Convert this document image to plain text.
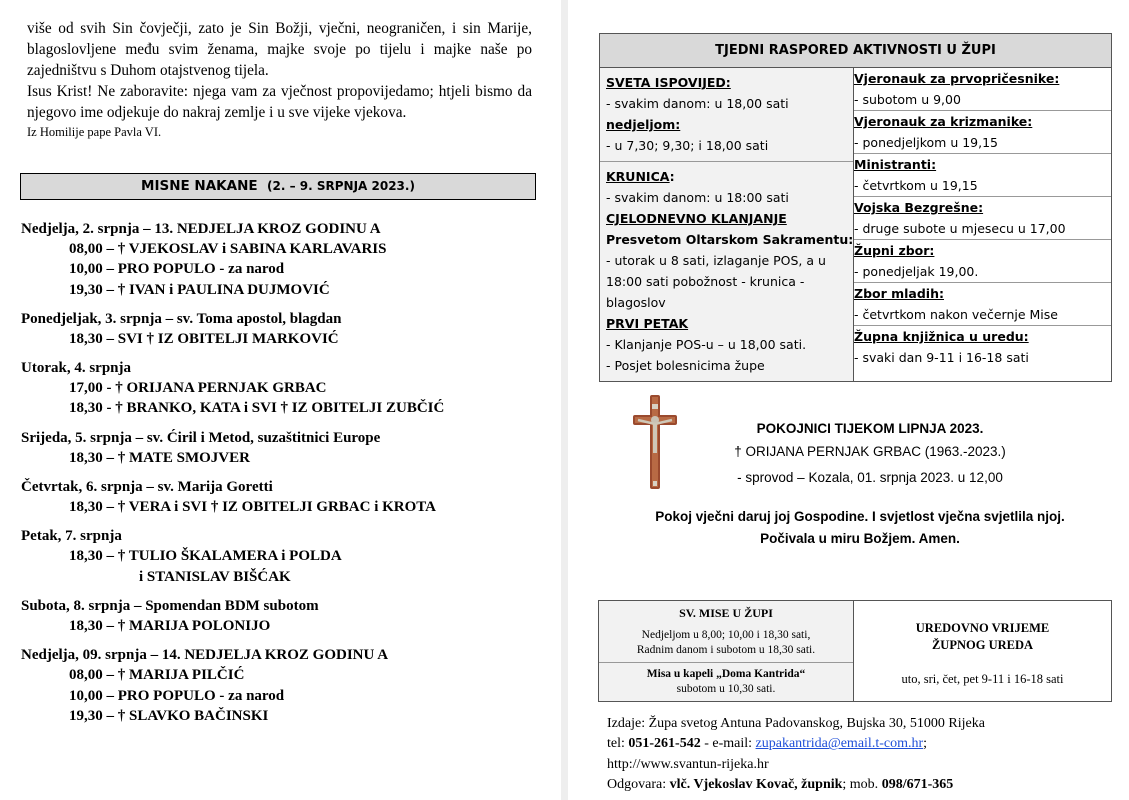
više od svih Sin čovječji, zato je Sin Božji, vječni, neograničen, i sin Marije, blagoslovljene među svim ženama, majke svoje po tijelu i majke naše po zajedništvu s Duhom otajstvenog tijela.

Isus Krist! Ne zaboravite: njega vam za vječnost propovijedamo; htjeli bismo da njegovo ime odjekuje do nakraj zemlje i u sve vijeke vjekova.

Iz Homilije pape Pavla VI.

MISNE NAKANE (2. – 9. SRPNJA 2023.)
Nedjelja, 2. srpnja – 13. NEDJELJA KROZ GODINU A
08,00 – † VJEKOSLAV i SABINA KARLAVARIS
10,00 – PRO POPULO - za narod
19,30 – † IVAN i PAULINA DUJMOVIĆ
Ponedjeljak, 3. srpnja – sv. Toma apostol, blagdan
18,30 – SVI † IZ OBITELJI MARKOVIĆ
Utorak, 4. srpnja
17,00 - † ORIJANA PERNJAK GRBAC
18,30 - † BRANKO, KATA i SVI † IZ OBITELJI ZUBČIĆ
Srijeda, 5. srpnja – sv. Ćiril i Metod, suzaštitnici Europe
18,30 – † MATE SMOJVER
Četvrtak, 6. srpnja – sv. Marija Goretti
18,30 – † VERA i SVI † IZ OBITELJI GRBAC i KROTA
Petak, 7. srpnja
18,30 – † TULIO ŠKALAMERA i POLDA
i STANISLAV BIŠĆAK
Subota, 8. srpnja – Spomendan BDM subotom
18,30 – † MARIJA POLONIJO
Nedjelja, 09. srpnja – 14. NEDJELJA KROZ GODINU A
08,00 – † MARIJA PILČIĆ
10,00 – PRO POPULO - za narod
19,30 – † SLAVKO BAČINSKI
TJEDNI RASPORED AKTIVNOSTI U ŽUPI
SVETA ISPOVIJED:
- svakim danom: u 18,00 sati
nedjeljom:
- u 7,30; 9,30; i 18,00 sati
KRUNICA:
- svakim danom: u 18:00 sati
CJELODNEVNO KLANJANJE
Presvetom Oltarskom Sakramentu:
- utorak u 8 sati, izlaganje POS, a u 18:00 sati pobožnost - krunica - blagoslov
PRVI PETAK
- Klanjanje POS-u – u 18,00 sati.
- Posjet bolesnicima župe
Vjeronauk za prvopričesnike:
- subotom u 9,00
Vjeronauk za krizmanike:
- ponedjeljkom u 19,15
Ministranti:
- četvrtkom u 19,15
Vojska Bezgrešne:
- druge subote u mjesecu u 17,00
Župni zbor:
- ponedjeljak 19,00.
Zbor mladih:
- četvrtkom nakon večernje Mise
Župna knjižnica u uredu:
- svaki dan 9-11 i 16-18 sati
POKOJNICI TIJEKOM LIPNJA 2023.
† ORIJANA PERNJAK GRBAC (1963.-2023.)
- sprovod – Kozala, 01. srpnja 2023. u 12,00
Pokoj vječni daruj joj Gospodine. I svjetlost vječna svjetlila njoj.
Počivala u miru Božjem. Amen.
SV. MISE U ŽUPI
Nedjeljom u 8,00; 10,00 i 18,30 sati,
Radnim danom i subotom u 18,30 sati.
Misa u kapeli „Doma Kantrida“
subotom u 10,30 sati.
UREDOVNO VRIJEME
ŽUPNOG UREDA
uto, sri, čet, pet 9-11 i 16-18 sati
Izdaje: Župa svetog Antuna Padovanskog, Bujska 30, 51000 Rijeka
tel: 051-261-542 - e-mail: zupakantrida@email.t-com.hr;
http://www.svantun-rijeka.hr
Odgovara: vlč. Vjekoslav Kovač, župnik; mob. 098/671-365
